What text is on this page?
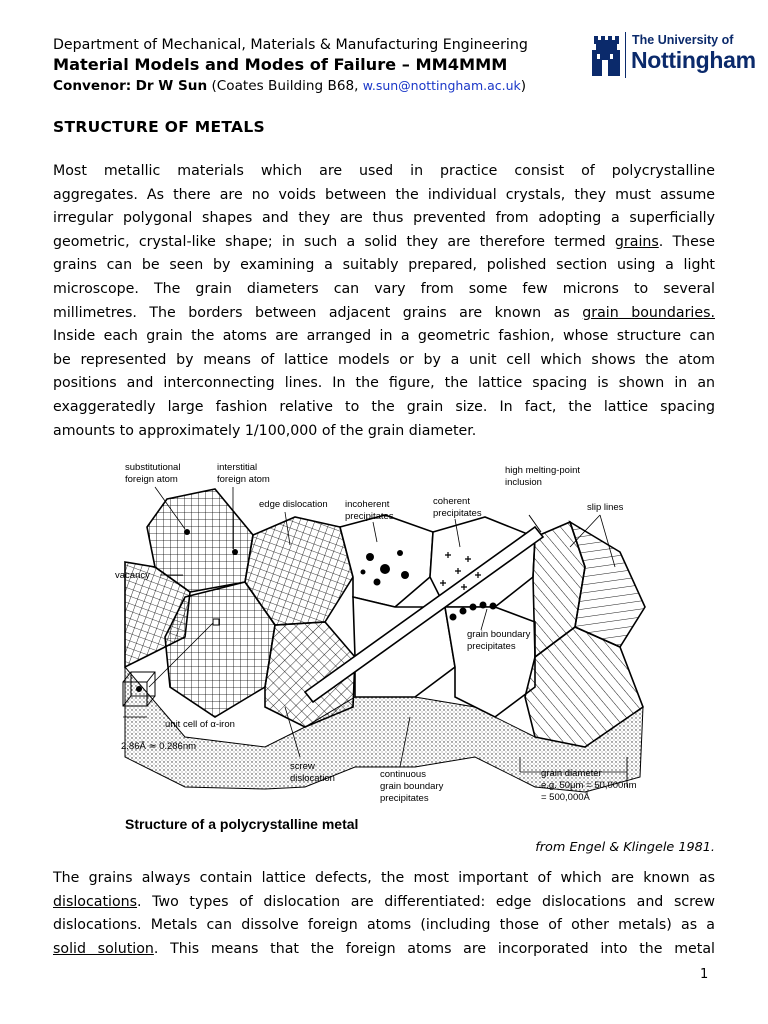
Department of Mechanical, Materials & Manufacturing Engineering
Material Models and Modes of Failure – MM4MMM
Convenor: Dr W Sun (Coates Building B68, w.sun@nottingham.ac.uk)
The University of
Nottingham
STRUCTURE OF METALS
Most metallic materials which are used in practice consist of polycrystalline
aggregates. As there are no voids between the individual crystals, they must assume
irregular polygonal shapes and they are thus prevented from adopting a superficially
geometric, crystal-like shape; in such a solid they are therefore termed grains. These
grains can be seen by examining a suitably prepared, polished section using a light
microscope. The grain diameters can vary from some few microns to several
millimetres. The borders between adjacent grains are known as grain boundaries.
Inside each grain the atoms are arranged in a geometric fashion, whose structure can
be represented by means of lattice models or by a unit cell which shows the atom
positions and interconnecting lines. In the figure, the lattice spacing is shown in an
exaggeratedly large fashion relative to the grain size. In fact, the lattice spacing
amounts to approximately 1/100,000 of the grain diameter.
substitutional
foreign atom
interstitial
foreign atom
edge dislocation incoherent
precipitates
coherent
precipitates
high melting-point
inclusion
slip lines
vacancy
grain boundary
precipitates
unit cell of α-iron
2.86Å ≃ 0.286nm
screw
dislocation	continuous
grain boundary
precipitates
grain diameter
e.g. 50μm = 50,000nm
= 500,000Å
Structure of a polycrystalline metal
from Engel & Klingele 1981.
The grains always contain lattice defects, the most important of which are known as
dislocations. Two types of dislocation are differentiated: edge dislocations and screw
dislocations. Metals can dissolve foreign atoms (including those of other metals) as a
solid solution. This means that the foreign atoms are incorporated into the metal
1
